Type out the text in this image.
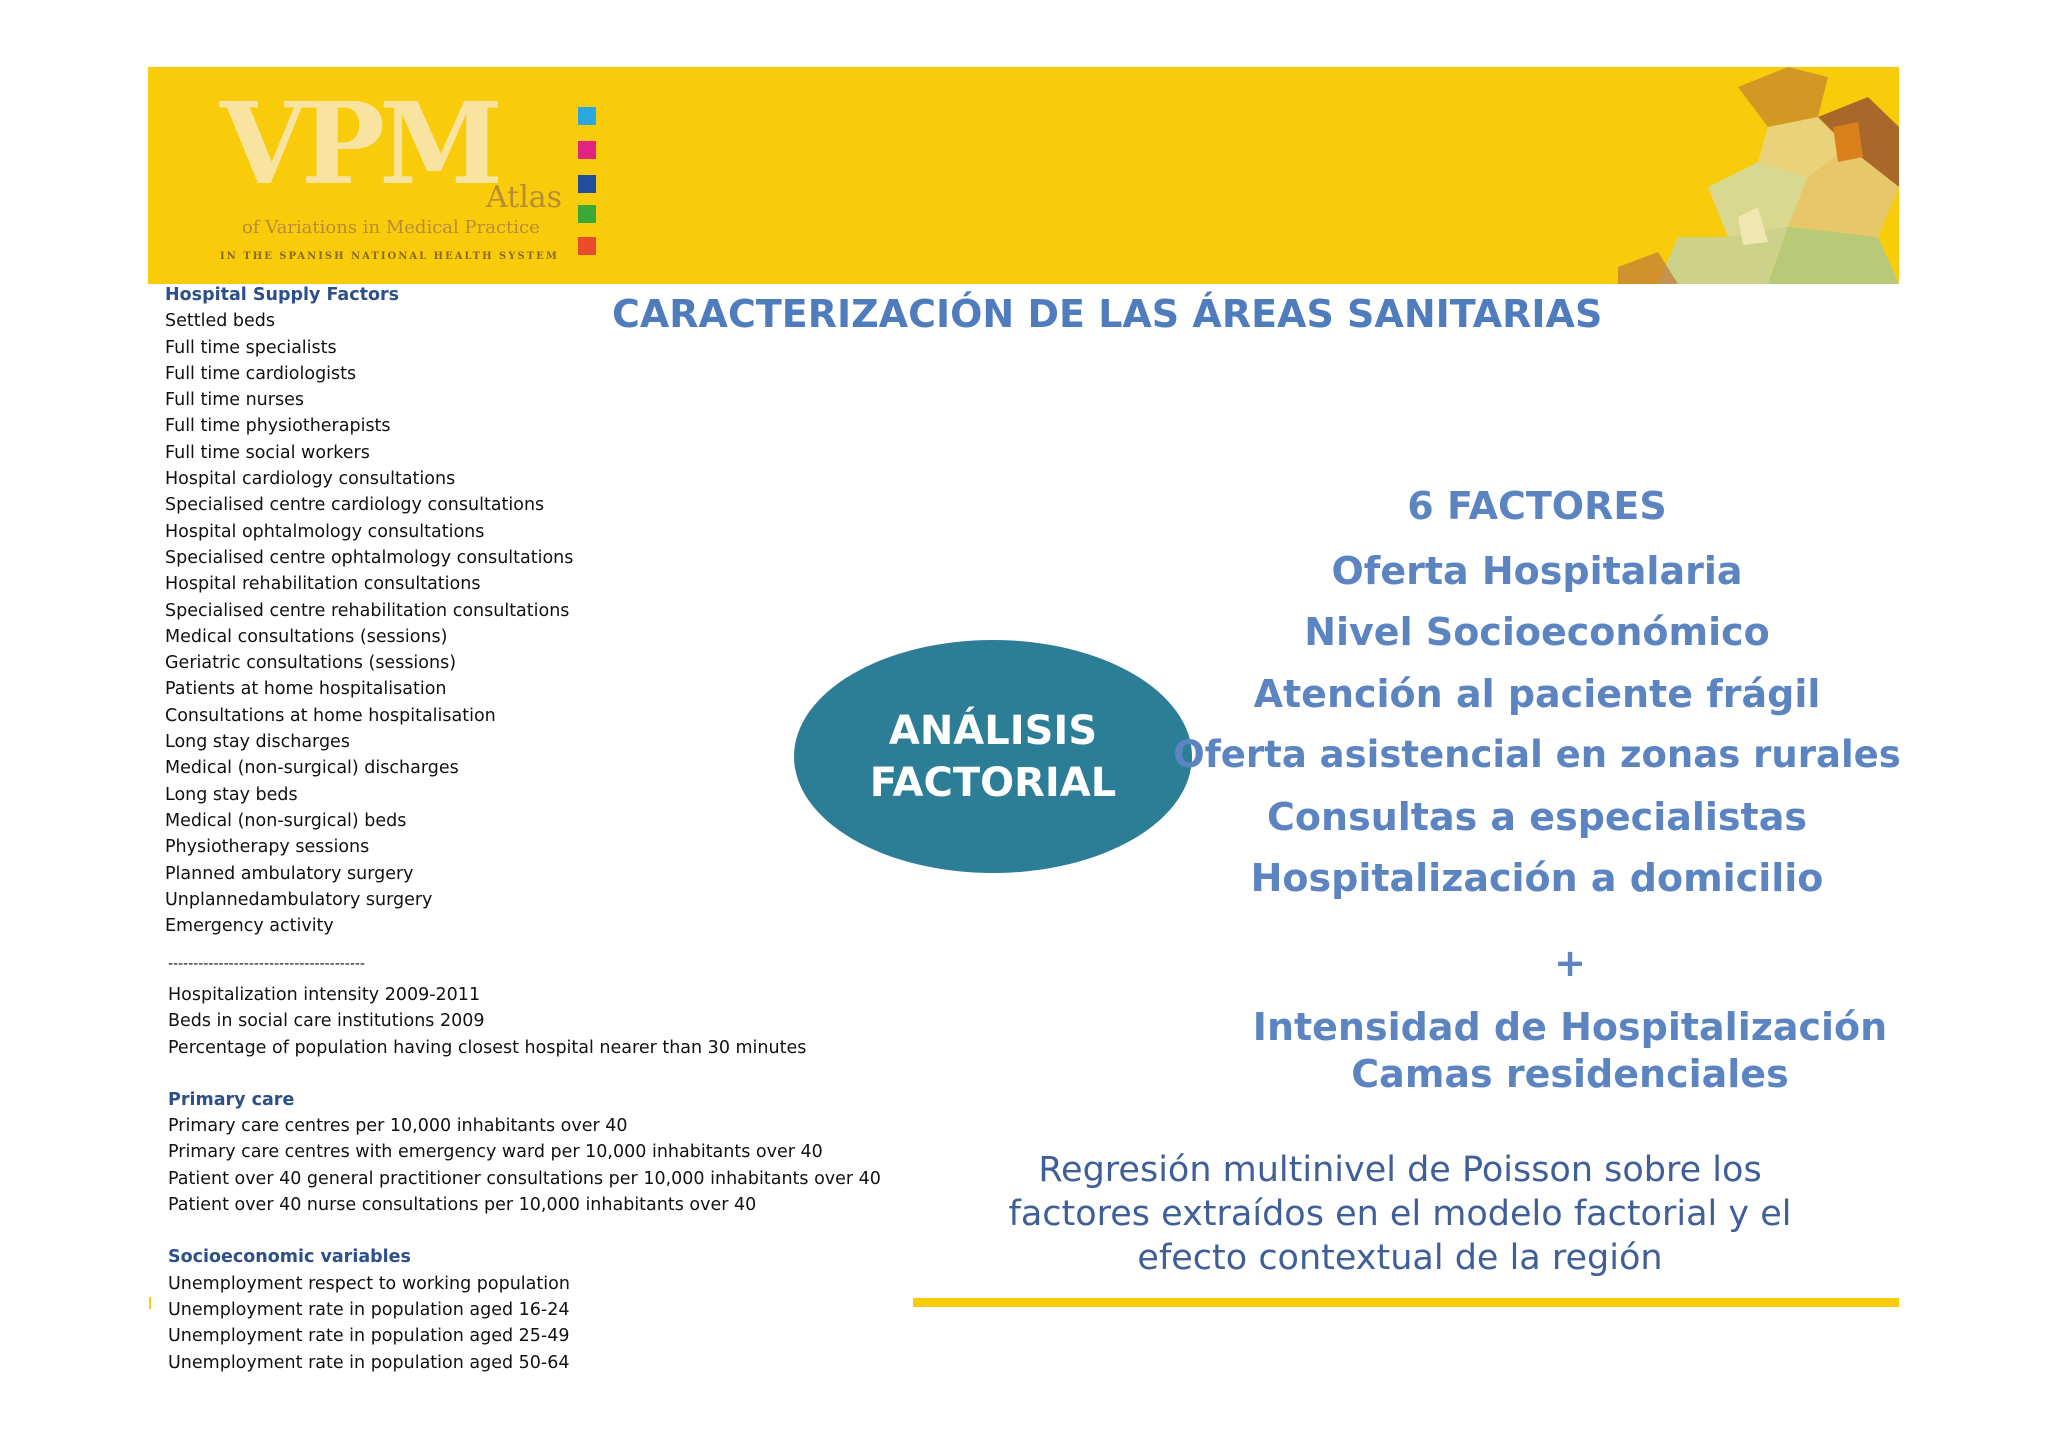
VPM
Atlas
of Variations in Medical Practice
IN THE SPANISH NATIONAL HEALTH SYSTEM
CARACTERIZACIÓN DE LAS ÁREAS SANITARIAS
Hospital Supply Factors
Settled beds
Full time specialists
Full time cardiologists
Full time nurses
Full time physiotherapists
Full time social workers
Hospital cardiology consultations
Specialised centre cardiology consultations
Hospital ophtalmology consultations
Specialised centre ophtalmology consultations
Hospital rehabilitation consultations
Specialised centre rehabilitation consultations
Medical consultations (sessions)
Geriatric consultations (sessions)
Patients at home hospitalisation
Consultations at home hospitalisation
Long stay discharges
Medical (non-surgical) discharges
Long stay beds
Medical (non-surgical) beds
Physiotherapy sessions
Planned ambulatory surgery
Unplannedambulatory surgery
Emergency activity
---------------------------------------
Hospitalization intensity 2009-2011
Beds in social care institutions 2009
Percentage of population having closest hospital nearer than 30 minutes
Primary care
Primary care centres per 10,000 inhabitants over 40
Primary care centres with emergency ward per 10,000 inhabitants over 40
Patient over 40 general practitioner consultations per 10,000 inhabitants over 40
Patient over 40 nurse consultations per 10,000 inhabitants over 40
Socioeconomic variables
Unemployment respect to working population
Unemployment rate in population aged 16-24
Unemployment rate in population aged 25-49
Unemployment rate in population aged 50-64
ANÁLISIS
FACTORIAL
6 FACTORES
Oferta Hospitalaria
Nivel Socioeconómico
Atención al paciente frágil
Oferta asistencial en zonas rurales
Consultas a especialistas
Hospitalización a domicilio
+
Intensidad de Hospitalización
Camas residenciales
Regresión multinivel de Poisson sobre los
factores extraídos en el modelo factorial y el
efecto contextual de la región
